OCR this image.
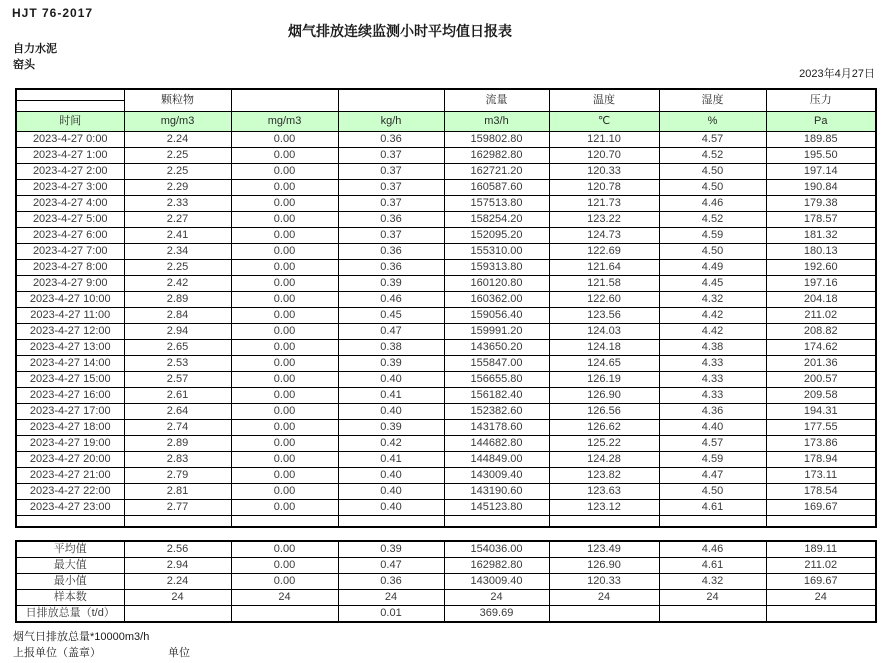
HJT 76-2017
烟气排放连续监测小时平均值日报表
自力水泥
窑头
2023年4月27日
	颗粒物			流量	温度	湿度	压力

时间	mg/m3	mg/m3	kg/h	m3/h	℃	%	Pa
2023-4-27 0:00	2.24	0.00	0.36	159802.80	121.10	4.57	189.85
2023-4-27 1:00	2.25	0.00	0.37	162982.80	120.70	4.52	195.50
2023-4-27 2:00	2.25	0.00	0.37	162721.20	120.33	4.50	197.14
2023-4-27 3:00	2.29	0.00	0.37	160587.60	120.78	4.50	190.84
2023-4-27 4:00	2.33	0.00	0.37	157513.80	121.73	4.46	179.38
2023-4-27 5:00	2.27	0.00	0.36	158254.20	123.22	4.52	178.57
2023-4-27 6:00	2.41	0.00	0.37	152095.20	124.73	4.59	181.32
2023-4-27 7:00	2.34	0.00	0.36	155310.00	122.69	4.50	180.13
2023-4-27 8:00	2.25	0.00	0.36	159313.80	121.64	4.49	192.60
2023-4-27 9:00	2.42	0.00	0.39	160120.80	121.58	4.45	197.16
2023-4-27 10:00	2.89	0.00	0.46	160362.00	122.60	4.32	204.18
2023-4-27 11:00	2.84	0.00	0.45	159056.40	123.56	4.42	211.02
2023-4-27 12:00	2.94	0.00	0.47	159991.20	124.03	4.42	208.82
2023-4-27 13:00	2.65	0.00	0.38	143650.20	124.18	4.38	174.62
2023-4-27 14:00	2.53	0.00	0.39	155847.00	124.65	4.33	201.36
2023-4-27 15:00	2.57	0.00	0.40	156655.80	126.19	4.33	200.57
2023-4-27 16:00	2.61	0.00	0.41	156182.40	126.90	4.33	209.58
2023-4-27 17:00	2.64	0.00	0.40	152382.60	126.56	4.36	194.31
2023-4-27 18:00	2.74	0.00	0.39	143178.60	126.62	4.40	177.55
2023-4-27 19:00	2.89	0.00	0.42	144682.80	125.22	4.57	173.86
2023-4-27 20:00	2.83	0.00	0.41	144849.00	124.28	4.59	178.94
2023-4-27 21:00	2.79	0.00	0.40	143009.40	123.82	4.47	173.11
2023-4-27 22:00	2.81	0.00	0.40	143190.60	123.63	4.50	178.54
2023-4-27 23:00	2.77	0.00	0.40	145123.80	123.12	4.61	169.67

平均值	2.56	0.00	0.39	154036.00	123.49	4.46	189.11
最大值	2.94	0.00	0.47	162982.80	126.90	4.61	211.02
最小值	2.24	0.00	0.36	143009.40	120.33	4.32	169.67
样本数	24	24	24	24	24	24	24
日排放总量（t/d）			0.01	369.69			
烟气日排放总量*10000m3/h
上报单位（盖章）	单位
